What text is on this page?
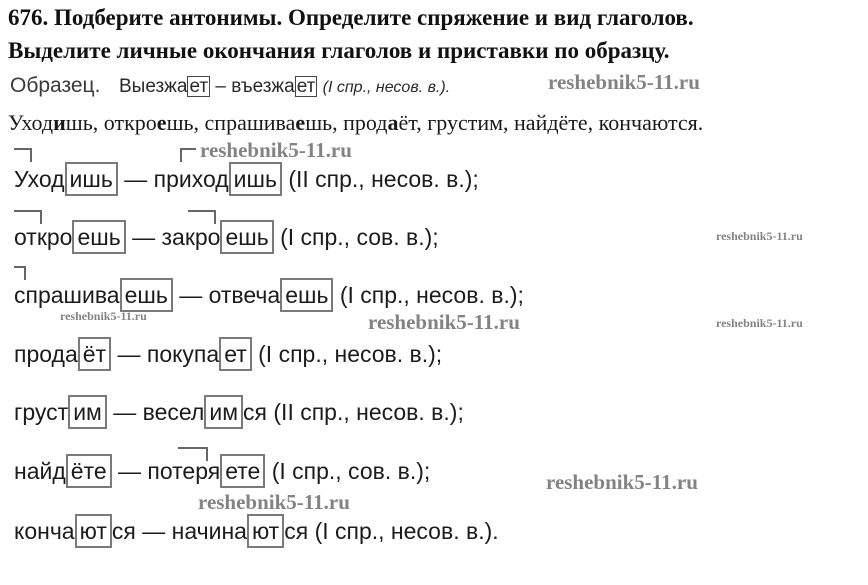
676. Подберите антонимы. Определите спряжение и вид глаголов.
Выделите личные окончания глаголов и приставки по образцу.
Образец. Выезжа ет – въезжа ет (I спр., несов. в.).
Уходишь, откроешь, спрашиваешь, продаёт, грустим, найдёте, кончаются.
Уход ишь — приход ишь (II спр., несов. в.);
откро ешь — закро ешь (I спр., сов. в.);
спрашива ешь — отвеча ешь (I спр., несов. в.);
прода ёт — покупа ет (I спр., несов. в.);
груст им — весел им ся (II спр., несов. в.);
найд ёте — потеря ете (I спр., сов. в.);
конча ют ся — начина ют ся (I спр., несов. в.).
reshebnik5-11.ru
reshebnik5-11.ru
reshebnik5-11.ru
reshebnik5-11.ru	reshebnik5-11.ru	reshebnik5-11.ru
reshebnik5-11.ru
reshebnik5-11.ru
